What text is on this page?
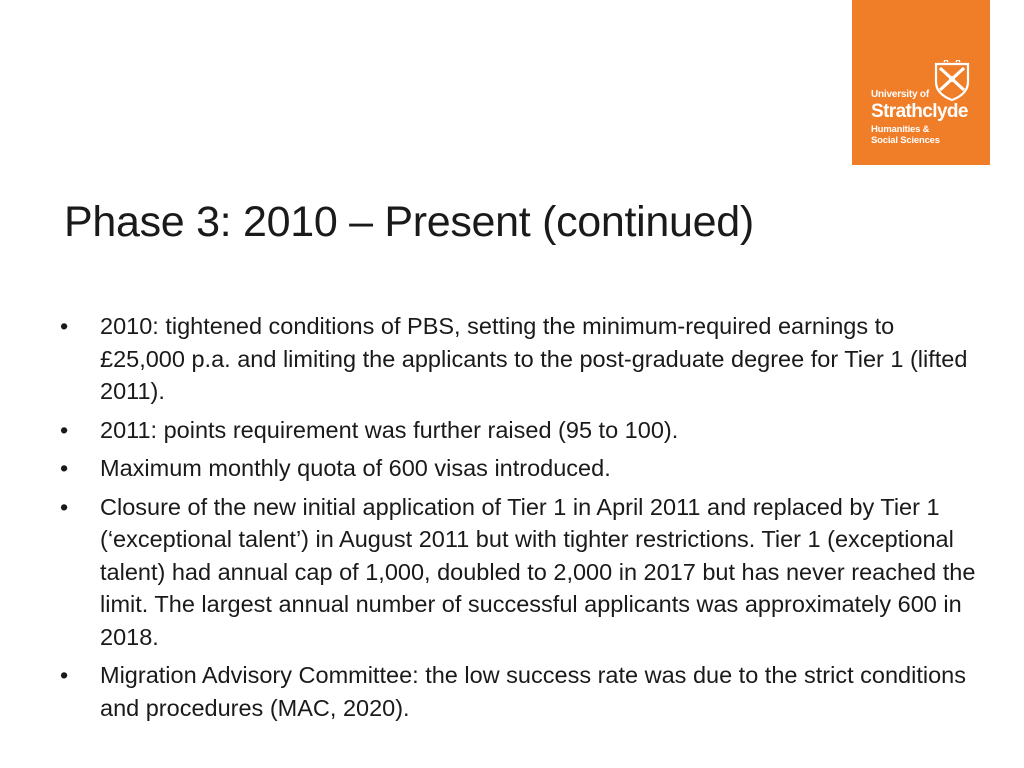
University of
Strathclyde
Humanities &
Social Sciences
Phase 3: 2010 – Present (continued)
•	2010: tightened conditions of PBS, setting the minimum-required earnings to £25,000 p.a. and limiting the applicants to the post-graduate degree for Tier 1 (lifted 2011).
•	2011: points requirement was further raised (95 to 100).
•	Maximum monthly quota of 600 visas introduced.
•	Closure of the new initial application of Tier 1 in April 2011 and replaced by Tier 1 (‘exceptional talent’) in August 2011 but with tighter restrictions. Tier 1 (exceptional talent) had annual cap of 1,000, doubled to 2,000 in 2017 but has never reached the limit. The largest annual number of successful applicants was approximately 600 in 2018.
•	Migration Advisory Committee: the low success rate was due to the strict conditions and procedures (MAC, 2020).
